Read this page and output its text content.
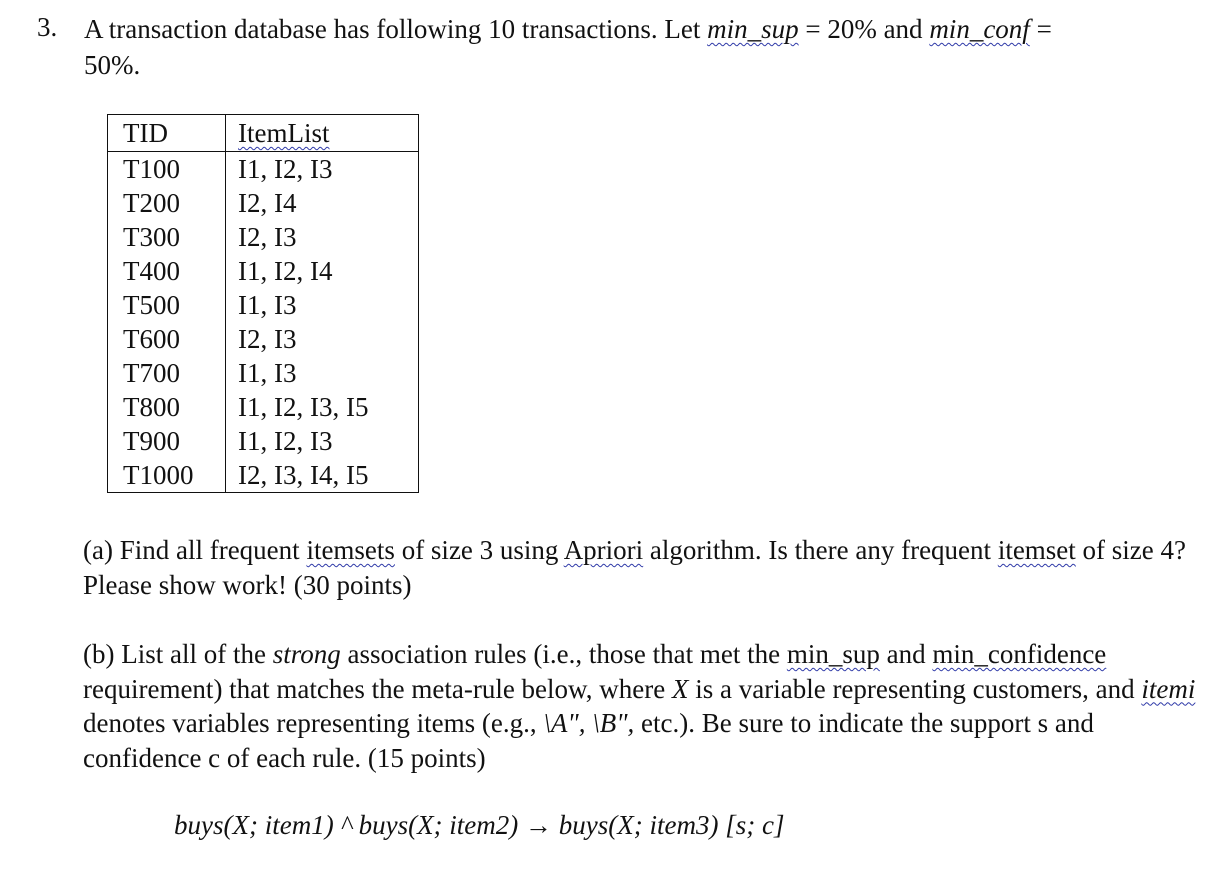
3. A transaction database has following 10 transactions. Let min_sup = 20% and min_conf =
50%.
TID	ItemList
T100	I1, I2, I3
T200	I2, I4
T300	I2, I3
T400	I1, I2, I4
T500	I1, I3
T600	I2, I3
T700	I1, I3
T800	I1, I2, I3, I5
T900	I1, I2, I3
T1000	I2, I3, I4, I5
(a) Find all frequent itemsets of size 3 using Apriori algorithm. Is there any frequent itemset of size 4? Please show work! (30 points)
(b) List all of the strong association rules (i.e., those that met the min_sup and min_confidence requirement) that matches the meta-rule below, where X is a variable representing customers, and itemi denotes variables representing items (e.g., \A", \B", etc.). Be sure to indicate the support s and confidence c of each rule. (15 points)
buys(X; item1) ^ buys(X; item2) → buys(X; item3) [s; c]
